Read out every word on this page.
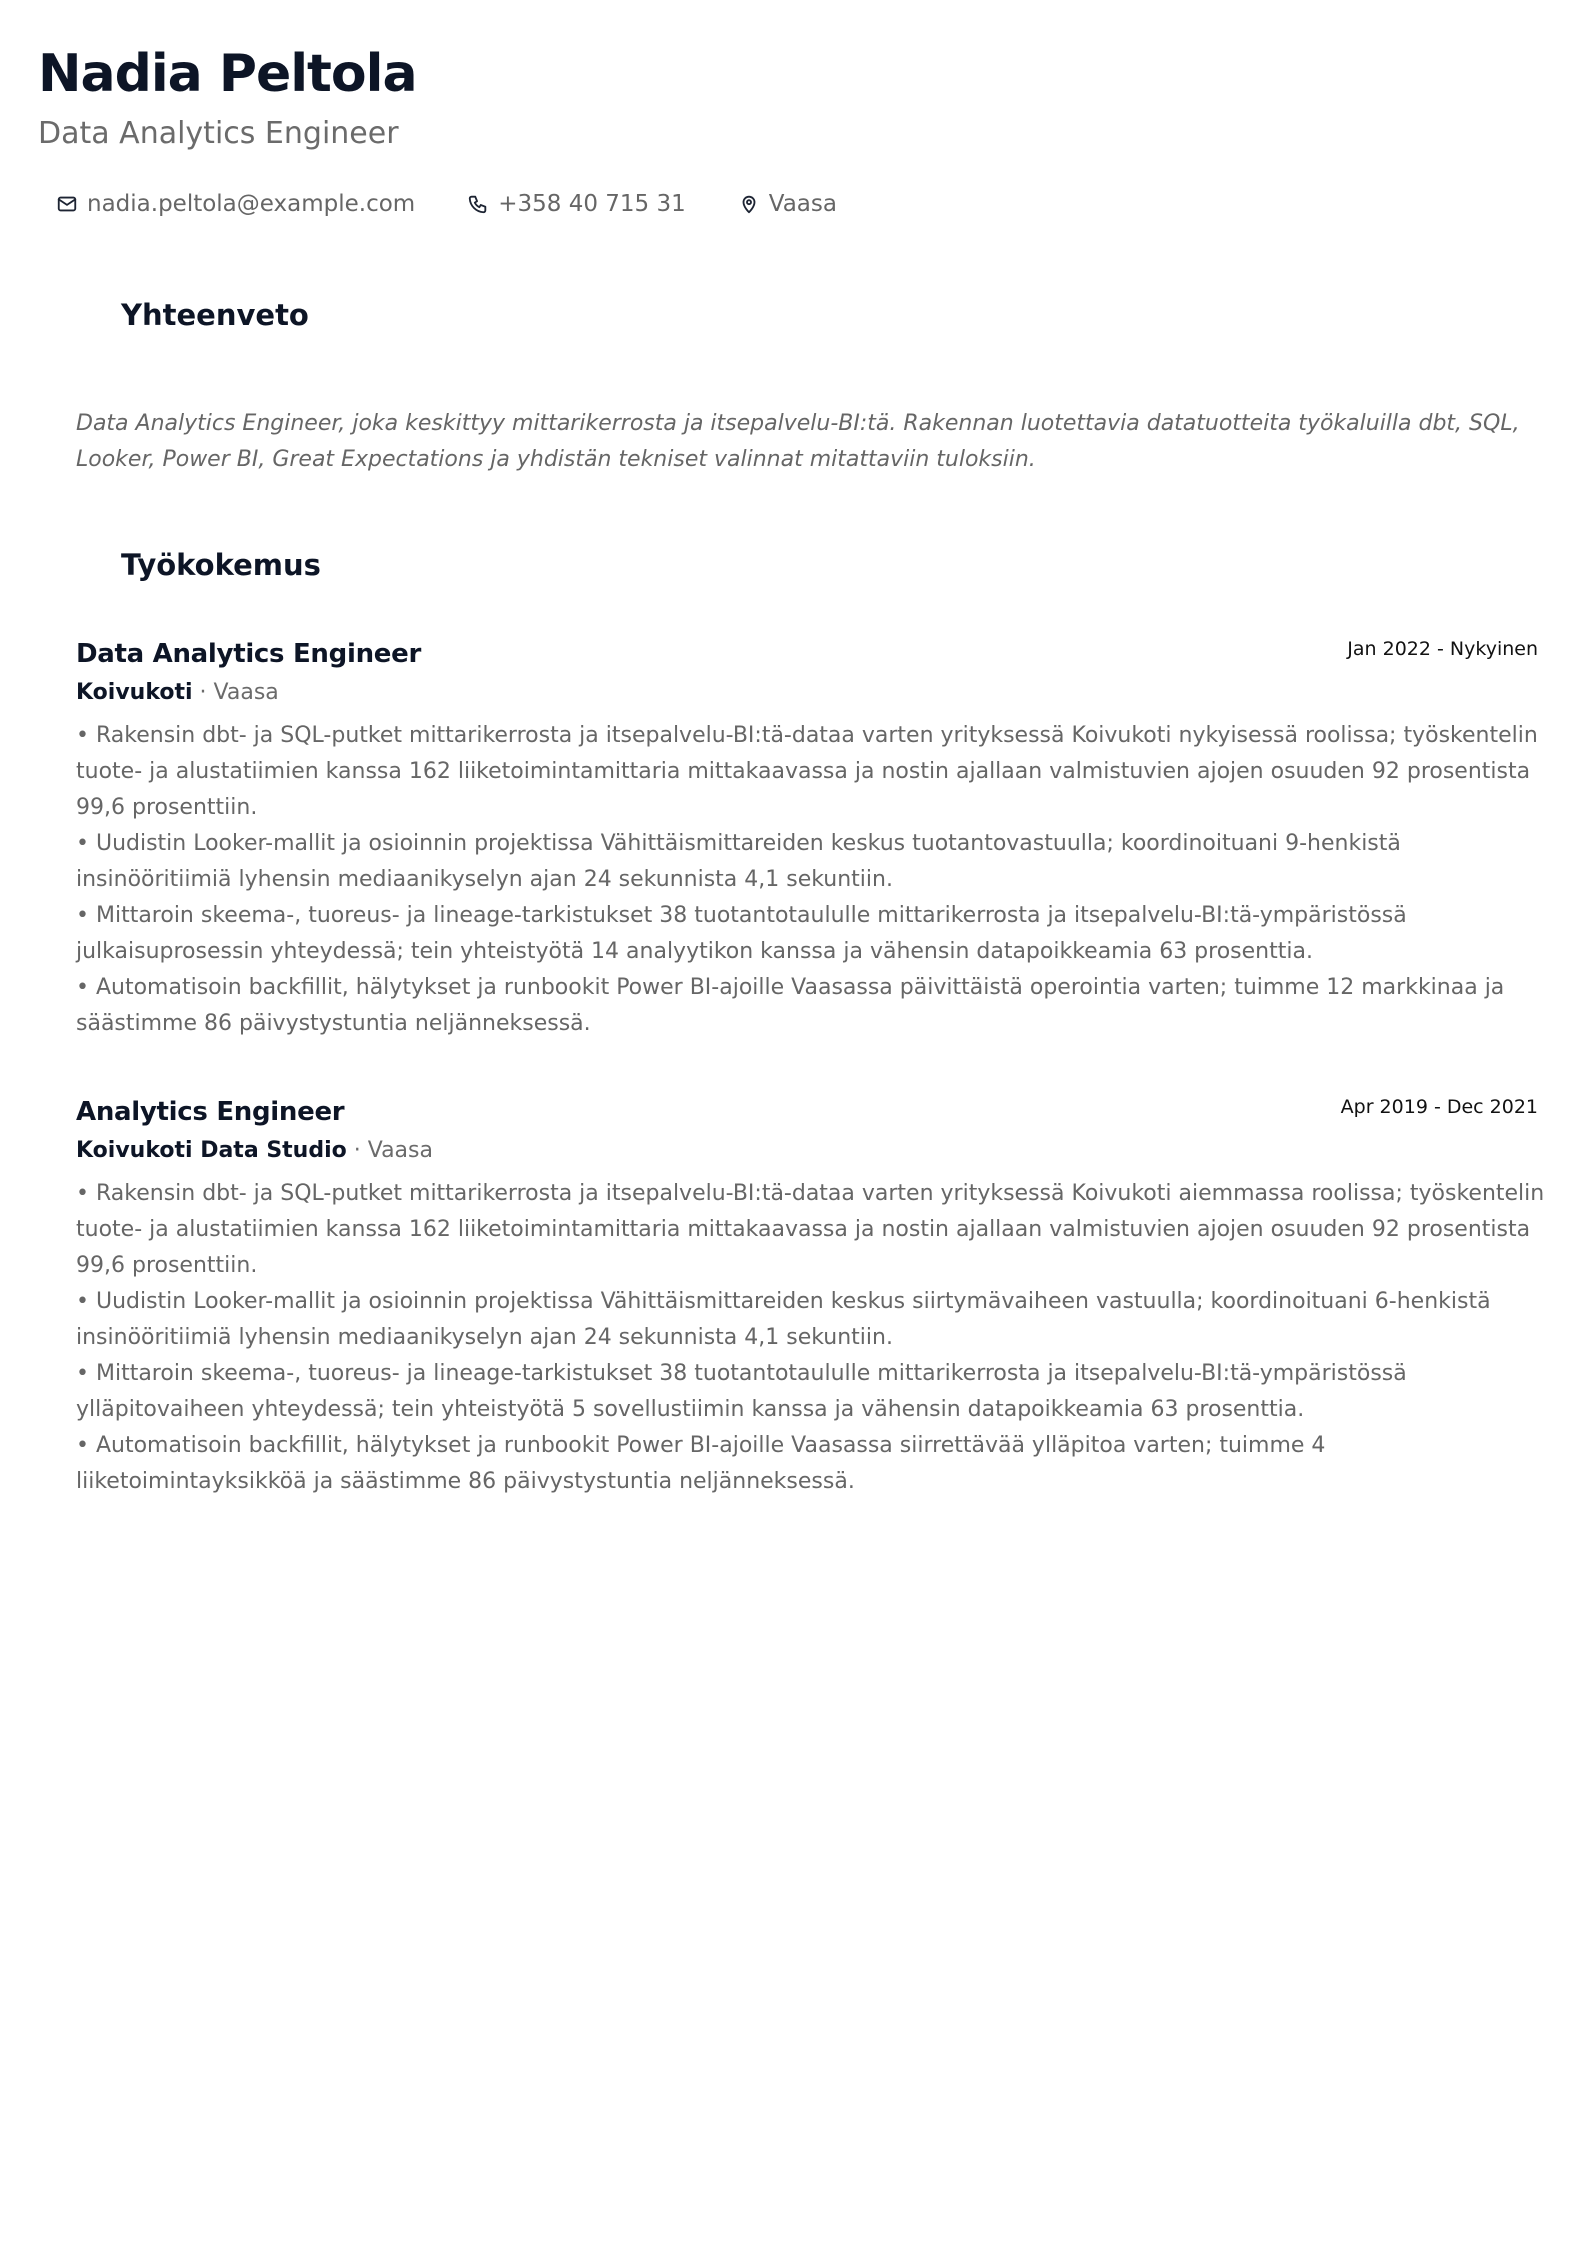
Nadia Peltola
Data Analytics Engineer
nadia.peltola@example.com	+358 40 715 31	Vaasa
Yhteenveto

Data Analytics Engineer, joka keskittyy mittarikerrosta ja itsepalvelu-BI:tä. Rakennan luotettavia datatuotteita työkaluilla dbt, SQL, Looker, Power BI, Great Expectations ja yhdistän tekniset valinnat mitattaviin tuloksiin.

Työkokemus
Data Analytics Engineer	Jan 2022 - Nykyinen
Koivukoti · Vaasa
• Rakensin dbt- ja SQL-putket mittarikerrosta ja itsepalvelu-BI:tä-dataa varten yrityksessä Koivukoti nykyisessä roolissa; työskentelin tuote- ja alustatiimien kanssa 162 liiketoimintamittaria mittakaavassa ja nostin ajallaan valmistuvien ajojen osuuden 92 prosentista 99,6 prosenttiin.
• Uudistin Looker-mallit ja osioinnin projektissa Vähittäismittareiden keskus tuotantovastuulla; koordinoituani 9-henkistä insinööritiimiä lyhensin mediaanikyselyn ajan 24 sekunnista 4,1 sekuntiin.
• Mittaroin skeema-, tuoreus- ja lineage-tarkistukset 38 tuotantotaululle mittarikerrosta ja itsepalvelu-BI:tä-ympäristössä julkaisuprosessin yhteydessä; tein yhteistyötä 14 analyytikon kanssa ja vähensin datapoikkeamia 63 prosenttia.
• Automatisoin backfillit, hälytykset ja runbookit Power BI-ajoille Vaasassa päivittäistä operointia varten; tuimme 12 markkinaa ja säästimme 86 päivystystuntia neljänneksessä.
Analytics Engineer	Apr 2019 - Dec 2021
Koivukoti Data Studio · Vaasa
• Rakensin dbt- ja SQL-putket mittarikerrosta ja itsepalvelu-BI:tä-dataa varten yrityksessä Koivukoti aiemmassa roolissa; työskentelin tuote- ja alustatiimien kanssa 162 liiketoimintamittaria mittakaavassa ja nostin ajallaan valmistuvien ajojen osuuden 92 prosentista 99,6 prosenttiin.
• Uudistin Looker-mallit ja osioinnin projektissa Vähittäismittareiden keskus siirtymävaiheen vastuulla; koordinoituani 6-henkistä insinööritiimiä lyhensin mediaanikyselyn ajan 24 sekunnista 4,1 sekuntiin.
• Mittaroin skeema-, tuoreus- ja lineage-tarkistukset 38 tuotantotaululle mittarikerrosta ja itsepalvelu-BI:tä-ympäristössä ylläpitovaiheen yhteydessä; tein yhteistyötä 5 sovellustiimin kanssa ja vähensin datapoikkeamia 63 prosenttia.
• Automatisoin backfillit, hälytykset ja runbookit Power BI-ajoille Vaasassa siirrettävää ylläpitoa varten; tuimme 4 liiketoimintayksikköä ja säästimme 86 päivystystuntia neljänneksessä.
